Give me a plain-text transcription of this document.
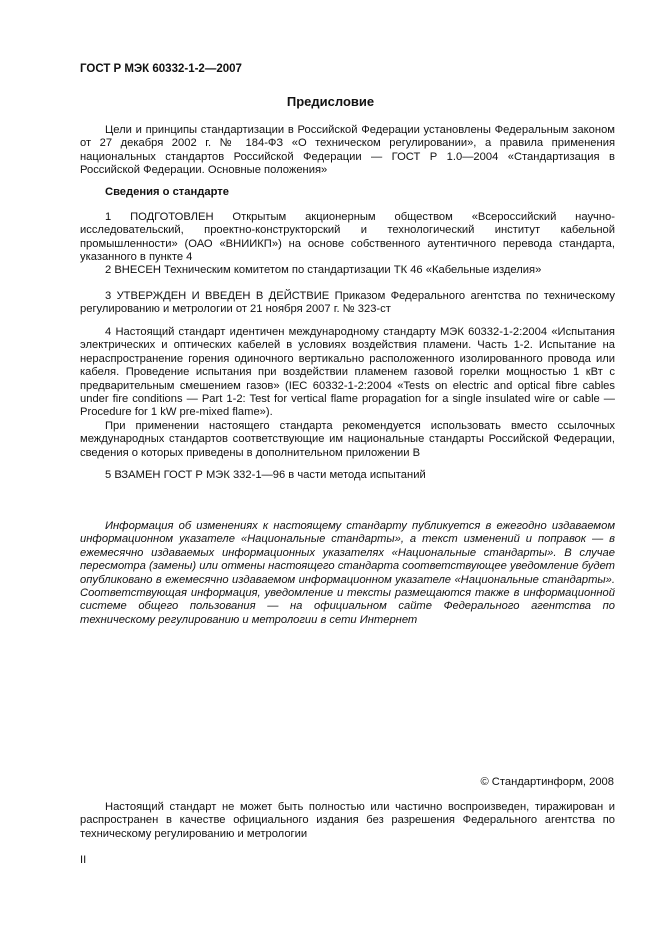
ГОСТ Р МЭК 60332-1-2—2007
Предисловие

Цели и принципы стандартизации в Российской Федерации установлены Федеральным законом от 27 декабря 2002 г. № 184-ФЗ «О техническом регулировании», а правила применения национальных стандартов Российской Федерации — ГОСТ Р 1.0—2004 «Стандартизация в Российской Федерации. Основные положения»

Сведения о стандарте

1 ПОДГОТОВЛЕН Открытым акционерным обществом «Всероссийский научно-исследовательский, проектно-конструкторский и технологический институт кабельной промышленности» (ОАО «ВНИИКП») на основе собственного аутентичного перевода стандарта, указанного в пункте 4

2 ВНЕСЕН Техническим комитетом по стандартизации ТК 46 «Кабельные изделия»

3 УТВЕРЖДЕН И ВВЕДЕН В ДЕЙСТВИЕ Приказом Федерального агентства по техническому регулированию и метрологии от 21 ноября 2007 г. № 323-ст

4 Настоящий стандарт идентичен международному стандарту МЭК 60332-1-2:2004 «Испытания электрических и оптических кабелей в условиях воздействия пламени. Часть 1-2. Испытание на нераспространение горения одиночного вертикально расположенного изолированного провода или кабеля. Проведение испытания при воздействии пламенем газовой горелки мощностью 1 кВт с предварительным смешением газов» (IEC 60332-1-2:2004 «Tests on electric and optical fibre cables under fire conditions — Part 1-2: Test for vertical flame propagation for a single insulated wire or cable — Procedure for 1 kW pre-mixed flame»).

При применении настоящего стандарта рекомендуется использовать вместо ссылочных международных стандартов соответствующие им национальные стандарты Российской Федерации, сведения о которых приведены в дополнительном приложении В

5 ВЗАМЕН ГОСТ Р МЭК 332-1—96 в части метода испытаний

Информация об изменениях к настоящему стандарту публикуется в ежегодно издаваемом информационном указателе «Национальные стандарты», а текст изменений и поправок — в ежемесячно издаваемых информационных указателях «Национальные стандарты». В случае пересмотра (замены) или отмены настоящего стандарта соответствующее уведомление будет опубликовано в ежемесячно издаваемом информационном указателе «Национальные стандарты». Соответствующая информация, уведомление и тексты размещаются также в информационной системе общего пользования — на официальном сайте Федерального агентства по техническому регулированию и метрологии в сети Интернет

© Стандартинформ, 2008

Настоящий стандарт не может быть полностью или частично воспроизведен, тиражирован и распространен в качестве официального издания без разрешения Федерального агентства по техническому регулированию и метрологии

II
